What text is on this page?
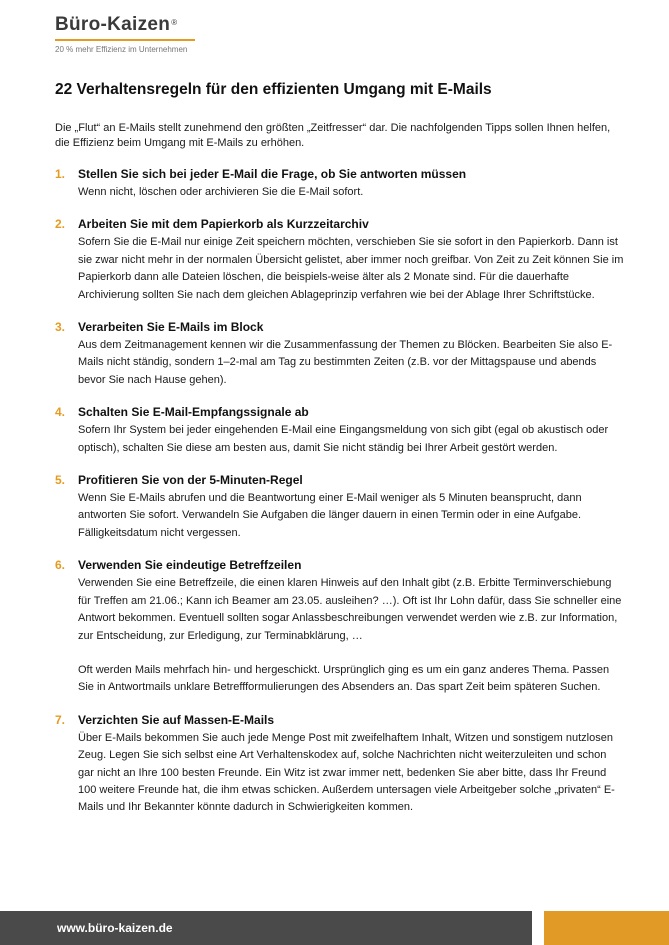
Büro-Kaizen®
20 % mehr Effizienz im Unternehmen
22 Verhaltensregeln für den effizienten Umgang mit E-Mails

Die „Flut“ an E-Mails stellt zunehmend den größten „Zeitfresser“ dar. Die nachfolgenden Tipps sollen Ihnen helfen, die Effizienz beim Umgang mit E-Mails zu erhöhen.

1. Stellen Sie sich bei jeder E-Mail die Frage, ob Sie antworten müssen

Wenn nicht, löschen oder archivieren Sie die E-Mail sofort.

2. Arbeiten Sie mit dem Papierkorb als Kurzzeitarchiv

Sofern Sie die E-Mail nur einige Zeit speichern möchten, verschieben Sie sie sofort in den Papierkorb. Dann ist sie zwar nicht mehr in der normalen Übersicht gelistet, aber immer noch greifbar. Von Zeit zu Zeit können Sie im Papierkorb dann alle Dateien löschen, die beispiels-weise älter als 2 Monate sind. Für die dauerhafte Archivierung sollten Sie nach dem gleichen Ablageprinzip verfahren wie bei der Ablage Ihrer Schriftstücke.

3. Verarbeiten Sie E-Mails im Block

Aus dem Zeitmanagement kennen wir die Zusammenfassung der Themen zu Blöcken. Bearbeiten Sie also E-Mails nicht ständig, sondern 1–2-mal am Tag zu bestimmten Zeiten (z.B. vor der Mittagspause und abends bevor Sie nach Hause gehen).

4. Schalten Sie E-Mail-Empfangssignale ab

Sofern Ihr System bei jeder eingehenden E-Mail eine Eingangsmeldung von sich gibt (egal ob akustisch oder optisch), schalten Sie diese am besten aus, damit Sie nicht ständig bei Ihrer Arbeit gestört werden.

5. Profitieren Sie von der 5-Minuten-Regel

Wenn Sie E-Mails abrufen und die Beantwortung einer E-Mail weniger als 5 Minuten beansprucht, dann antworten Sie sofort. Verwandeln Sie Aufgaben die länger dauern in einen Termin oder in eine Aufgabe. Fälligkeitsdatum nicht vergessen.

6. Verwenden Sie eindeutige Betreffzeilen

Verwenden Sie eine Betreffzeile, die einen klaren Hinweis auf den Inhalt gibt (z.B. Erbitte Terminverschiebung für Treffen am 21.06.; Kann ich Beamer am 23.05. ausleihen? …). Oft ist Ihr Lohn dafür, dass Sie schneller eine Antwort bekommen. Eventuell sollten sogar Anlassbeschreibungen verwendet werden wie z.B. zur Information, zur Entscheidung, zur Erledigung, zur Terminabklärung, …

Oft werden Mails mehrfach hin- und hergeschickt. Ursprünglich ging es um ein ganz anderes Thema. Passen Sie in Antwortmails unklare Betreffformulierungen des Absenders an. Das spart Zeit beim späteren Suchen.

7. Verzichten Sie auf Massen-E-Mails

Über E-Mails bekommen Sie auch jede Menge Post mit zweifelhaftem Inhalt, Witzen und sonstigem nutzlosen Zeug. Legen Sie sich selbst eine Art Verhaltenskodex auf, solche Nachrichten nicht weiterzuleiten und schon gar nicht an Ihre 100 besten Freunde. Ein Witz ist zwar immer nett, bedenken Sie aber bitte, dass Ihr Freund 100 weitere Freunde hat, die ihm etwas schicken. Außerdem untersagen viele Arbeitgeber solche „privaten“ E-Mails und Ihr Bekannter könnte dadurch in Schwierigkeiten kommen.

www.büro-kaizen.de
